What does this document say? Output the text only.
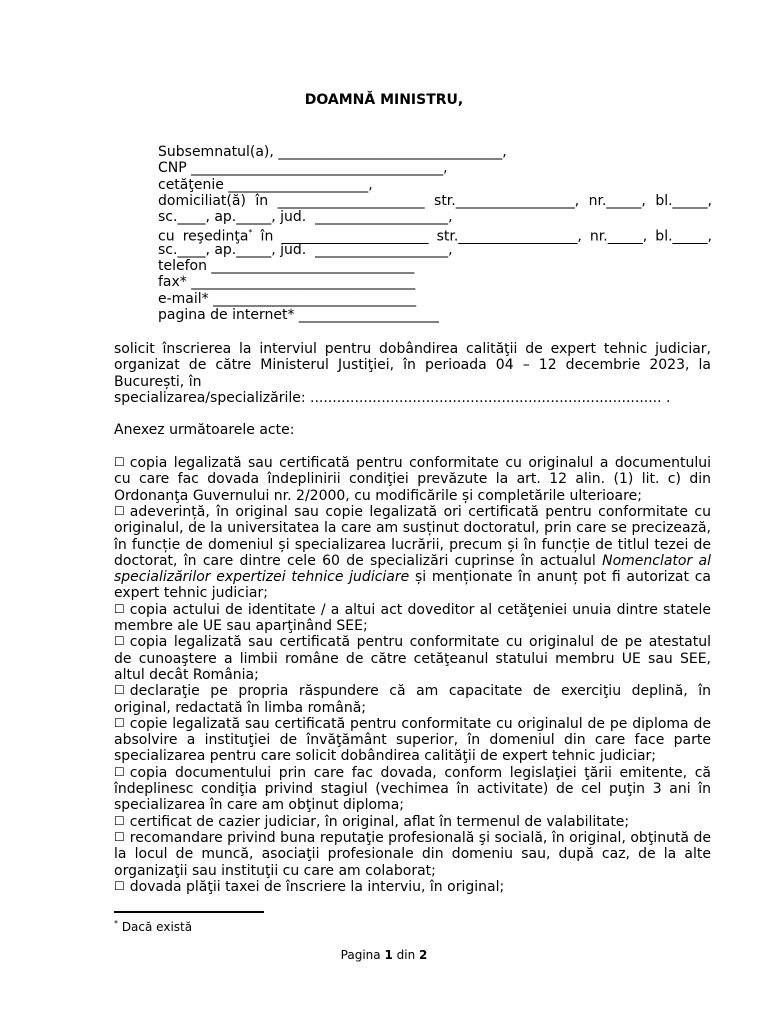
DOAMNĂ MINISTRU,
Subsemnatul(a), ________________________________,
CNP ____________________________________,
cetăţenie ____________________,
domiciliat(ă) în _____________________ str._________________, nr._____, bl._____,
sc.____, ap._____, jud.  ___________________,
cu reşedinţa* în _____________________ str._________________, nr._____, bl._____,
sc.____, ap._____, jud.  ___________________,
telefon _____________________________
fax* ________________________________
e-mail* _____________________________
pagina de internet* ____________________
solicit înscrierea la interviul pentru dobândirea calităţii de expert tehnic judiciar, organizat de către Ministerul Justiţiei, în perioada 04 – 12 decembrie 2023, la București, în
specializarea/specializările: ............................................................................... .
Anexez următoarele acte:
☐ copia legalizată sau certificată pentru conformitate cu originalul a documentului cu care fac dovada îndeplinirii condiţiei prevăzute la art. 12 alin. (1) lit. c) din Ordonanţa Guvernului nr. 2/2000, cu modificările și completările ulterioare;
☐ adeverință, în original sau copie legalizată ori certificată pentru conformitate cu originalul, de la universitatea la care am susținut doctoratul, prin care se precizează, în funcție de domeniul și specializarea lucrării, precum și în funcție de titlul tezei de doctorat, în care dintre cele 60 de specializări cuprinse în actualul Nomenclator al specializărilor expertizei tehnice judiciare și menționate în anunț pot fi autorizat ca expert tehnic judiciar;
☐ copia actului de identitate / a altui act doveditor al cetăţeniei unuia dintre statele membre ale UE sau aparţinând SEE;
☐ copia legalizată sau certificată pentru conformitate cu originalul de pe atestatul de cunoaştere a limbii române de către cetăţeanul statului membru UE sau SEE, altul decât România;
☐ declaraţie pe propria răspundere că am capacitate de exerciţiu deplină, în original, redactată în limba română;
☐ copie legalizată sau certificată pentru conformitate cu originalul de pe diploma de absolvire a instituţiei de învăţământ superior, în domeniul din care face parte specializarea pentru care solicit dobândirea calităţii de expert tehnic judiciar;
☐ copia documentului prin care fac dovada, conform legislaţiei ţării emitente, că îndeplinesc condiţia privind stagiul (vechimea în activitate) de cel puţin 3 ani în specializarea în care am obţinut diploma;
☐ certificat de cazier judiciar, în original, aflat în termenul de valabilitate;
☐ recomandare privind buna reputaţie profesională şi socială, în original, obţinută de la locul de muncă, asociaţii profesionale din domeniu sau, după caz, de la alte organizaţii sau instituţii cu care am colaborat;
☐ dovada plăţii taxei de înscriere la interviu, în original;
* Dacă există
Pagina 1 din 2
